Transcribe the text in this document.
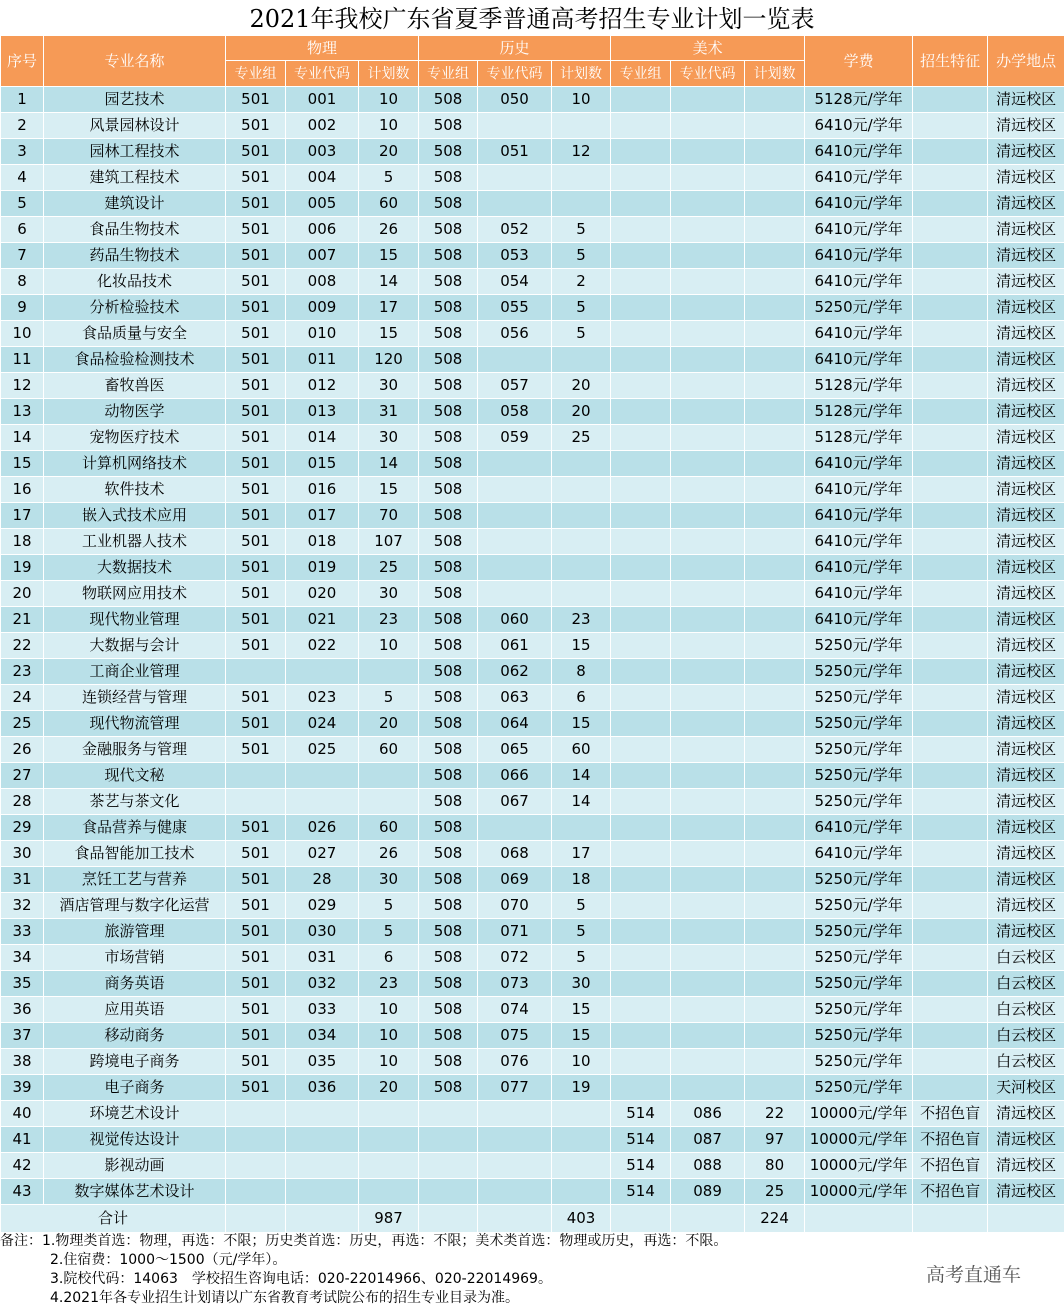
2021年我校广东省夏季普通高考招生专业计划一览表
序号	专业名称	物理			历史			美术			学费	招生特征	办学地点
		专业组	专业代码	计划数	专业组	专业代码	计划数	专业组	专业代码	计划数			
1	园艺技术	501	001	10	508	050	10				5128元/学年		清远校区
2	风景园林设计	501	002	10	508						6410元/学年		清远校区
3	园林工程技术	501	003	20	508	051	12				6410元/学年		清远校区
4	建筑工程技术	501	004	5	508						6410元/学年		清远校区
5	建筑设计	501	005	60	508						6410元/学年		清远校区
6	食品生物技术	501	006	26	508	052	5				6410元/学年		清远校区
7	药品生物技术	501	007	15	508	053	5				6410元/学年		清远校区
8	化妆品技术	501	008	14	508	054	2				6410元/学年		清远校区
9	分析检验技术	501	009	17	508	055	5				5250元/学年		清远校区
10	食品质量与安全	501	010	15	508	056	5				6410元/学年		清远校区
11	食品检验检测技术	501	011	120	508						6410元/学年		清远校区
12	畜牧兽医	501	012	30	508	057	20				5128元/学年		清远校区
13	动物医学	501	013	31	508	058	20				5128元/学年		清远校区
14	宠物医疗技术	501	014	30	508	059	25				5128元/学年		清远校区
15	计算机网络技术	501	015	14	508						6410元/学年		清远校区
16	软件技术	501	016	15	508						6410元/学年		清远校区
17	嵌入式技术应用	501	017	70	508						6410元/学年		清远校区
18	工业机器人技术	501	018	107	508						6410元/学年		清远校区
19	大数据技术	501	019	25	508						6410元/学年		清远校区
20	物联网应用技术	501	020	30	508						6410元/学年		清远校区
21	现代物业管理	501	021	23	508	060	23				6410元/学年		清远校区
22	大数据与会计	501	022	10	508	061	15				5250元/学年		清远校区
23	工商企业管理				508	062	8				5250元/学年		清远校区
24	连锁经营与管理	501	023	5	508	063	6				5250元/学年		清远校区
25	现代物流管理	501	024	20	508	064	15				5250元/学年		清远校区
26	金融服务与管理	501	025	60	508	065	60				5250元/学年		清远校区
27	现代文秘				508	066	14				5250元/学年		清远校区
28	茶艺与茶文化				508	067	14				5250元/学年		清远校区
29	食品营养与健康	501	026	60	508						6410元/学年		清远校区
30	食品智能加工技术	501	027	26	508	068	17				6410元/学年		清远校区
31	烹饪工艺与营养	501	28	30	508	069	18				5250元/学年		清远校区
32	酒店管理与数字化运营	501	029	5	508	070	5				5250元/学年		清远校区
33	旅游管理	501	030	5	508	071	5				5250元/学年		清远校区
34	市场营销	501	031	6	508	072	5				5250元/学年		白云校区
35	商务英语	501	032	23	508	073	30				5250元/学年		白云校区
36	应用英语	501	033	10	508	074	15				5250元/学年		白云校区
37	移动商务	501	034	10	508	075	15				5250元/学年		白云校区
38	跨境电子商务	501	035	10	508	076	10				5250元/学年		白云校区
39	电子商务	501	036	20	508	077	19				5250元/学年		天河校区
40	环境艺术设计							514	086	22	10000元/学年	不招色盲	清远校区
41	视觉传达设计							514	087	97	10000元/学年	不招色盲	清远校区
42	影视动画							514	088	80	10000元/学年	不招色盲	清远校区
43	数字媒体艺术设计							514	089	25	10000元/学年	不招色盲	清远校区
合计				987			403			224			
备注：1.物理类首选：物理，再选：不限；历史类首选：历史，再选：不限；美术类首选：物理或历史，再选：不限。
2.住宿费：1000～1500（元/学年）。
3.院校代码：14063　学校招生咨询电话：020-22014966、020-22014969。
4.2021年各专业招生计划请以广东省教育考试院公布的招生专业目录为准。
高考直通车
